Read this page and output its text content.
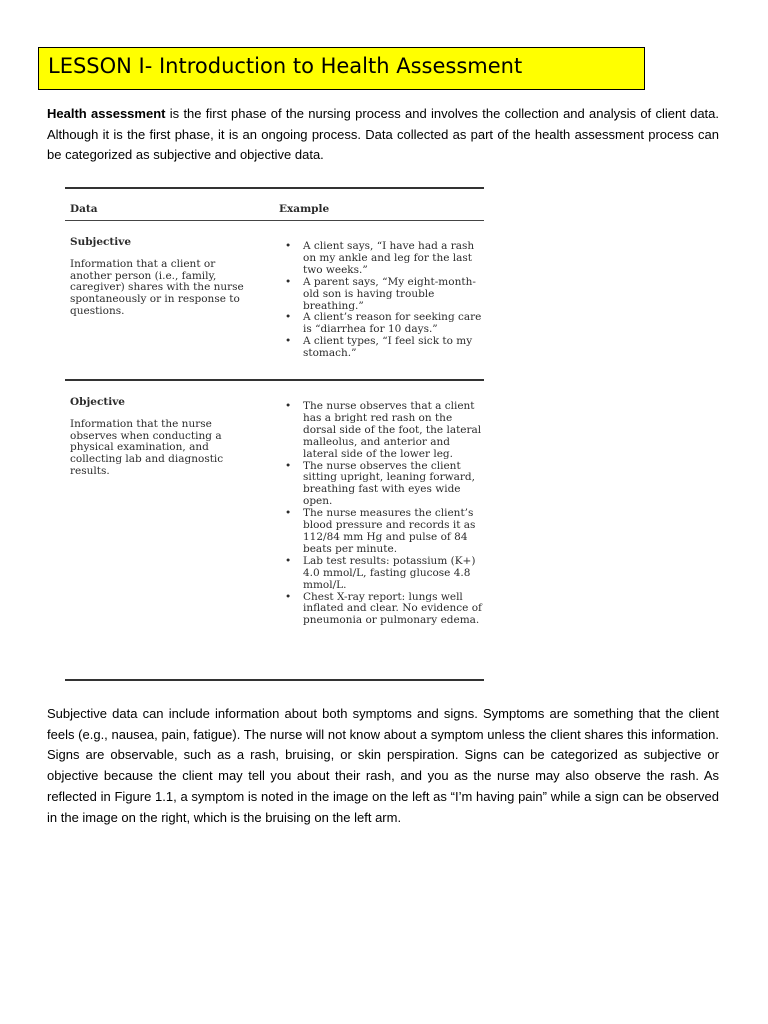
LESSON I- Introduction to Health Assessment

Health assessment is the first phase of the nursing process and involves the collection and analysis of client data. Although it is the first phase, it is an ongoing process. Data collected as part of the health assessment process can be categorized as subjective and objective data.

Data	Example
Subjective

Information that a client or another person (i.e., family, caregiver) shares with the nurse spontaneously or in response to questions.

• A client says, “I have had a rash on my ankle and leg for the last two weeks.”
• A parent says, “My eight-month-old son is having trouble breathing.”
• A client’s reason for seeking care is “diarrhea for 10 days.”
• A client types, “I feel sick to my stomach.”
Objective

Information that the nurse observes when conducting a physical examination, and collecting lab and diagnostic results.

• The nurse observes that a client has a bright red rash on the dorsal side of the foot, the lateral malleolus, and anterior and lateral side of the lower leg.
• The nurse observes the client sitting upright, leaning forward, breathing fast with eyes wide open.
• The nurse measures the client’s blood pressure and records it as 112/84 mm Hg and pulse of 84 beats per minute.
• Lab test results: potassium (K+) 4.0 mmol/L, fasting glucose 4.8 mmol/L.
• Chest X-ray report: lungs well inflated and clear. No evidence of pneumonia or pulmonary edema.

Subjective data can include information about both symptoms and signs. Symptoms are something that the client feels (e.g., nausea, pain, fatigue). The nurse will not know about a symptom unless the client shares this information. Signs are observable, such as a rash, bruising, or skin perspiration. Signs can be categorized as subjective or objective because the client may tell you about their rash, and you as the nurse may also observe the rash. As reflected in Figure 1.1, a symptom is noted in the image on the left as “I’m having pain” while a sign can be observed in the image on the right, which is the bruising on the left arm.
